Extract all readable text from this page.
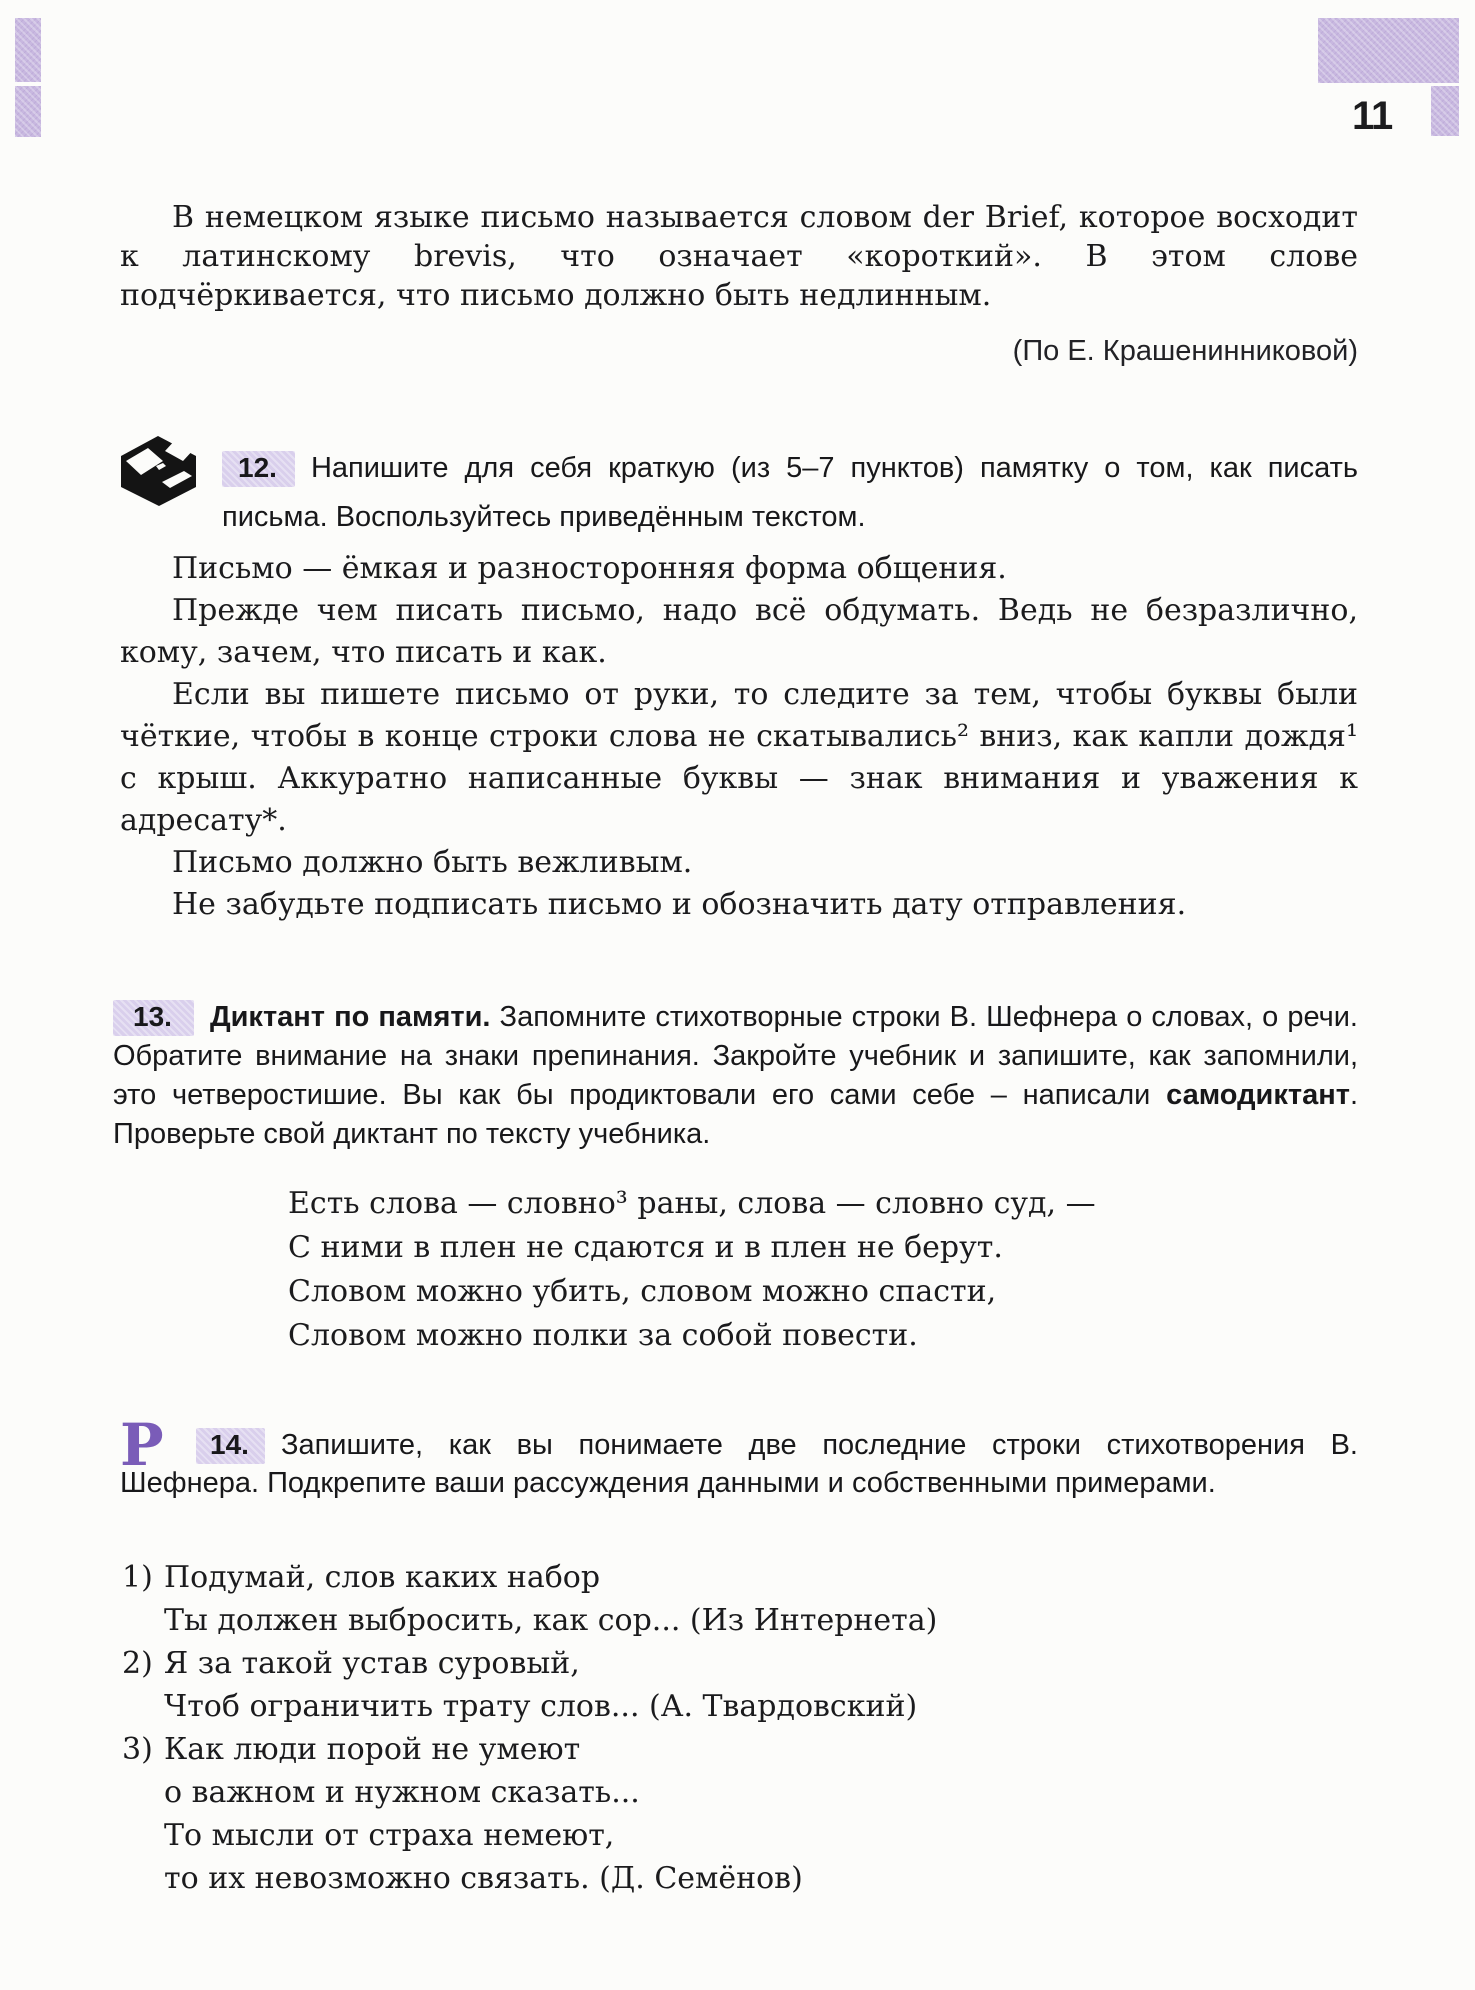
11

В немецком языке письмо называется словом der Brief, которое восходит к латинскому brevis, что означает «короткий». В этом слове подчёркивается, что письмо должно быть недлинным.

(По Е. Крашенинниковой)
12. Напишите для себя краткую (из 5–7 пунктов) памятку о том, как писать письма. Воспользуйтесь приведённым текстом.

Письмо — ёмкая и разносторонняя форма общения.

Прежде чем писать письмо, надо всё обдумать. Ведь не безразлично, кому, зачем, что писать и как.

Если вы пишете письмо от руки, то следите за тем, чтобы буквы были чёткие, чтобы в конце строки слова не скатывались² вниз, как капли дождя¹ с крыш. Аккуратно написанные буквы — знак внимания и уважения к адресату*.

Письмо должно быть вежливым.

Не забудьте подписать письмо и обозначить дату отправления.

13. Диктант по памяти. Запомните стихотворные строки В. Шефнера о словах, о речи. Обратите внимание на знаки препинания. Закройте учебник и запишите, как запомнили, это четверостишие. Вы как бы продиктовали его сами себе – написали самодиктант. Проверьте свой диктант по тексту учебника.
Есть слова — словно³ раны, слова — словно суд, —
С ними в плен не сдаются и в плен не берут.
Словом можно убить, словом можно спасти,
Словом можно полки за собой повести.
Р 14. Запишите, как вы понимаете две последние строки стихотворения В. Шефнера. Подкрепите ваши рассуждения данными и собственными примерами.
1) Подумай, слов каких набор
Ты должен выбросить, как сор... (Из Интернета)
2) Я за такой устав суровый,
Чтоб ограничить трату слов... (А. Твардовский)
3) Как люди порой не умеют
о важном и нужном сказать...
То мысли от страха немеют,
то их невозможно связать. (Д. Семёнов)
